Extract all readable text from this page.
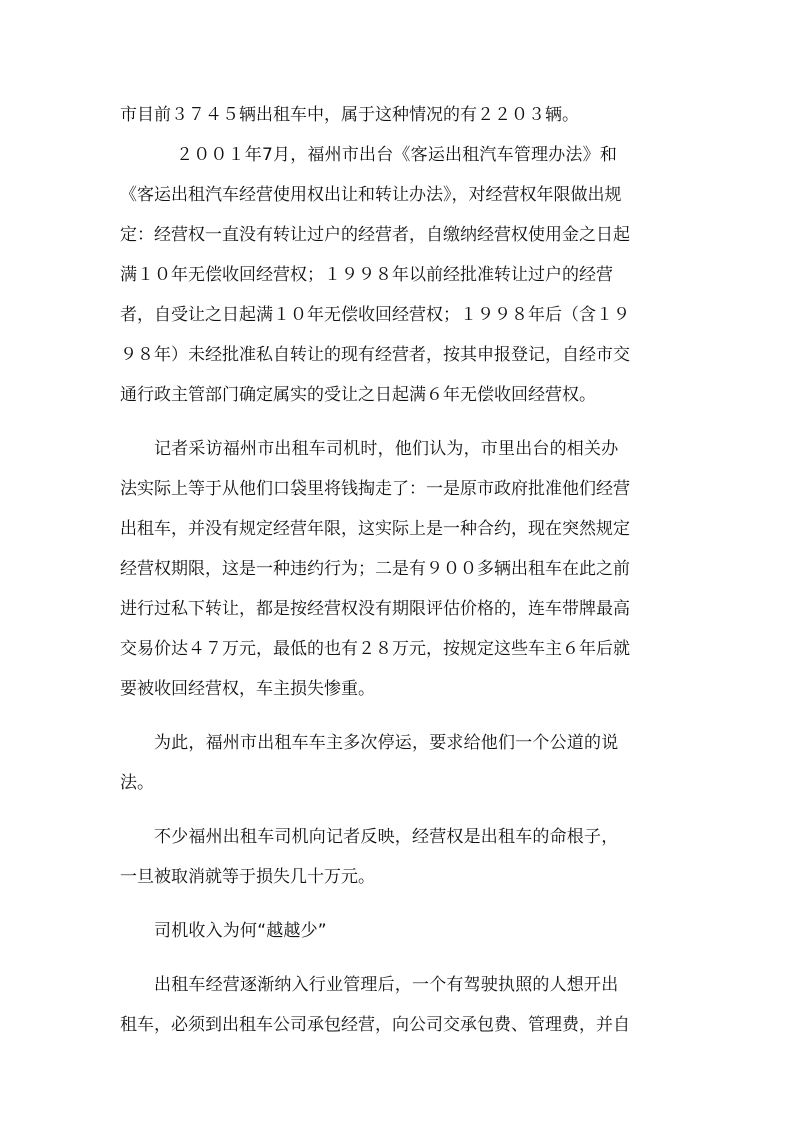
市目前３７４５辆出租车中，属于这种情况的有２２０３辆。
２００１年7月，福州市出台《客运出租汽车管理办法》和
《客运出租汽车经营使用权出让和转让办法》，对经营权年限做出规
定：经营权一直没有转让过户的经营者，自缴纳经营权使用金之日起
满１０年无偿收回经营权；１９９８年以前经批准转让过户的经营
者，自受让之日起满１０年无偿收回经营权；１９９８年后（含１９
９８年）未经批准私自转让的现有经营者，按其申报登记，自经市交
通行政主管部门确定属实的受让之日起满６年无偿收回经营权。
记者采访福州市出租车司机时，他们认为，市里出台的相关办
法实际上等于从他们口袋里将钱掏走了：一是原市政府批准他们经营
出租车，并没有规定经营年限，这实际上是一种合约，现在突然规定
经营权期限，这是一种违约行为；二是有９００多辆出租车在此之前
进行过私下转让，都是按经营权没有期限评估价格的，连车带牌最高
交易价达４７万元，最低的也有２８万元，按规定这些车主６年后就
要被收回经营权，车主损失惨重。
为此，福州市出租车车主多次停运，要求给他们一个公道的说
法。
不少福州出租车司机向记者反映，经营权是出租车的命根子，
一旦被取消就等于损失几十万元。
司机收入为何“越越少”
出租车经营逐渐纳入行业管理后，一个有驾驶执照的人想开出
租车，必须到出租车公司承包经营，向公司交承包费、管理费，并自
